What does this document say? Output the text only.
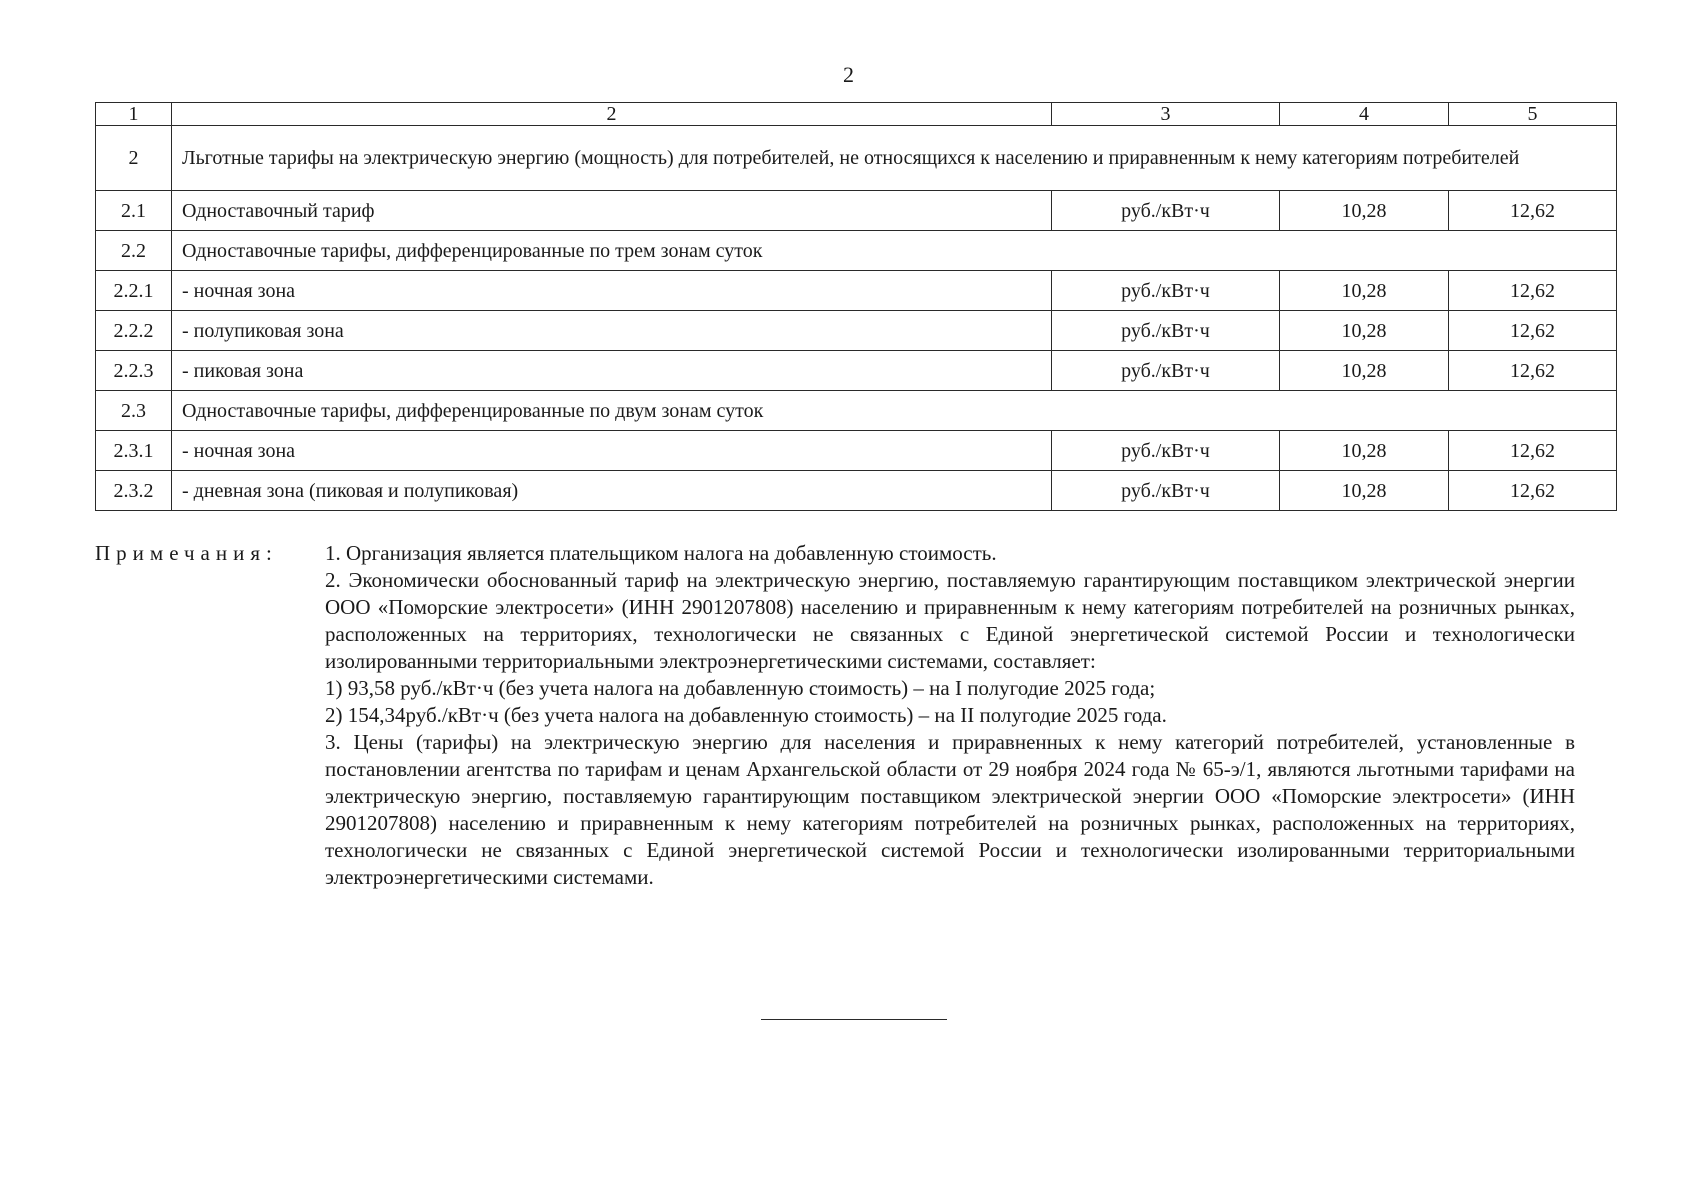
2
1	2	3	4	5
2	Льготные тарифы на электрическую энергию (мощность) для потребителей, не относящихся к населению и приравненным к нему категориям потребителей			
2.1	Одноставочный тариф	руб./кВт·ч	10,28	12,62
2.2	Одноставочные тарифы, дифференцированные по трем зонам суток			
2.2.1	- ночная зона	руб./кВт·ч	10,28	12,62
2.2.2	- полупиковая зона	руб./кВт·ч	10,28	12,62
2.2.3	- пиковая зона	руб./кВт·ч	10,28	12,62
2.3	Одноставочные тарифы, дифференцированные по двум зонам суток			
2.3.1	- ночная зона	руб./кВт·ч	10,28	12,62
2.3.2	- дневная зона (пиковая и полупиковая)	руб./кВт·ч	10,28	12,62
Примечания: 1. Организация является плательщиком налога на добавленную стоимость.

2. Экономически обоснованный тариф на электрическую энергию, поставляемую гарантирующим поставщиком электрической энергии ООО «Поморские электросети» (ИНН 2901207808) населению и приравненным к нему категориям потребителей на розничных рынках, расположенных на территориях, технологически не связанных с Единой энергетической системой России и технологически изолированными территориальными электроэнергетическими системами, составляет:

1) 93,58 руб./кВт·ч (без учета налога на добавленную стоимость) – на I полугодие 2025 года;

2) 154,34руб./кВт·ч (без учета налога на добавленную стоимость) – на II полугодие 2025 года.

3. Цены (тарифы) на электрическую энергию для населения и приравненных к нему категорий потребителей, установленные в постановлении агентства по тарифам и ценам Архангельской области от 29 ноября 2024 года № 65-э/1, являются льготными тарифами на электрическую энергию, поставляемую гарантирующим поставщиком электрической энергии ООО «Поморские электросети» (ИНН 2901207808) населению и приравненным к нему категориям потребителей на розничных рынках, расположенных на территориях, технологически не связанных с Единой энергетической системой России и технологически изолированными территориальными электроэнергетическими системами.
